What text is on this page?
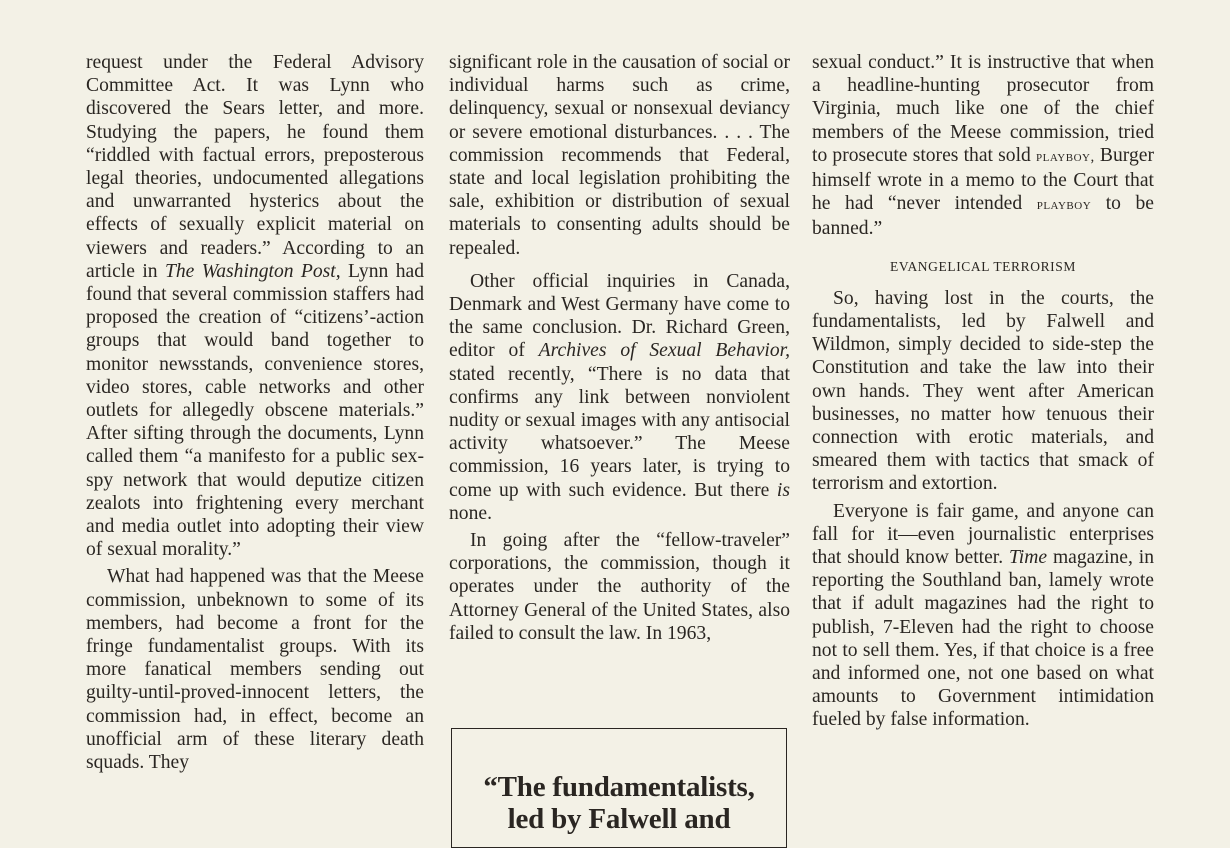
request under the Federal Advisory Committee Act. It was Lynn who discovered the Sears letter, and more. Studying the papers, he found them “riddled with factual errors, preposterous legal theories, undocumented allegations and unwarranted hysterics about the effects of sexually explicit material on viewers and readers.” According to an article in The Washington Post, Lynn had found that several commission staffers had proposed the creation of “citizens’-action groups that would band together to monitor newsstands, convenience stores, video stores, cable networks and other outlets for allegedly obscene materials.” After sifting through the documents, Lynn called them “a manifesto for a public sex-spy network that would deputize citizen zealots into frightening every merchant and media outlet into adopting their view of sexual morality.”

What had happened was that the Meese commission, unbeknown to some of its members, had become a front for the fringe fundamentalist groups. With its more fanatical members sending out guilty-until-proved-innocent letters, the commission had, in effect, become an unofficial arm of these literary death squads. They

significant role in the causation of social or individual harms such as crime, delinquency, sexual or nonsexual deviancy or severe emotional disturbances. . . . The commission recommends that Federal, state and local legislation prohibiting the sale, exhibition or distribution of sexual materials to consenting adults should be repealed.

Other official inquiries in Canada, Denmark and West Germany have come to the same conclusion. Dr. Richard Green, editor of Archives of Sexual Behavior, stated recently, “There is no data that confirms any link between nonviolent nudity or sexual images with any antisocial activity whatsoever.” The Meese commission, 16 years later, is trying to come up with such evidence. But there is none.

In going after the “fellow-traveler” corporations, the commission, though it operates under the authority of the Attorney General of the United States, also failed to consult the law. In 1963,

sexual conduct.” It is instructive that when a headline-hunting prosecutor from Virginia, much like one of the chief members of the Meese commission, tried to prosecute stores that sold playboy, Burger himself wrote in a memo to the Court that he had “never intended playboy to be banned.”

EVANGELICAL TERRORISM

So, having lost in the courts, the fundamentalists, led by Falwell and Wildmon, simply decided to side-step the Constitution and take the law into their own hands. They went after American businesses, no matter how tenuous their connection with erotic materials, and smeared them with tactics that smack of terrorism and extortion.

Everyone is fair game, and anyone can fall for it—even journalistic enterprises that should know better. Time magazine, in reporting the Southland ban, lamely wrote that if adult magazines had the right to publish, 7-Eleven had the right to choose not to sell them. Yes, if that choice is a free and informed one, not one based on what amounts to Government intimidation fueled by false information.

“The fundamentalists,
led by Falwell and
